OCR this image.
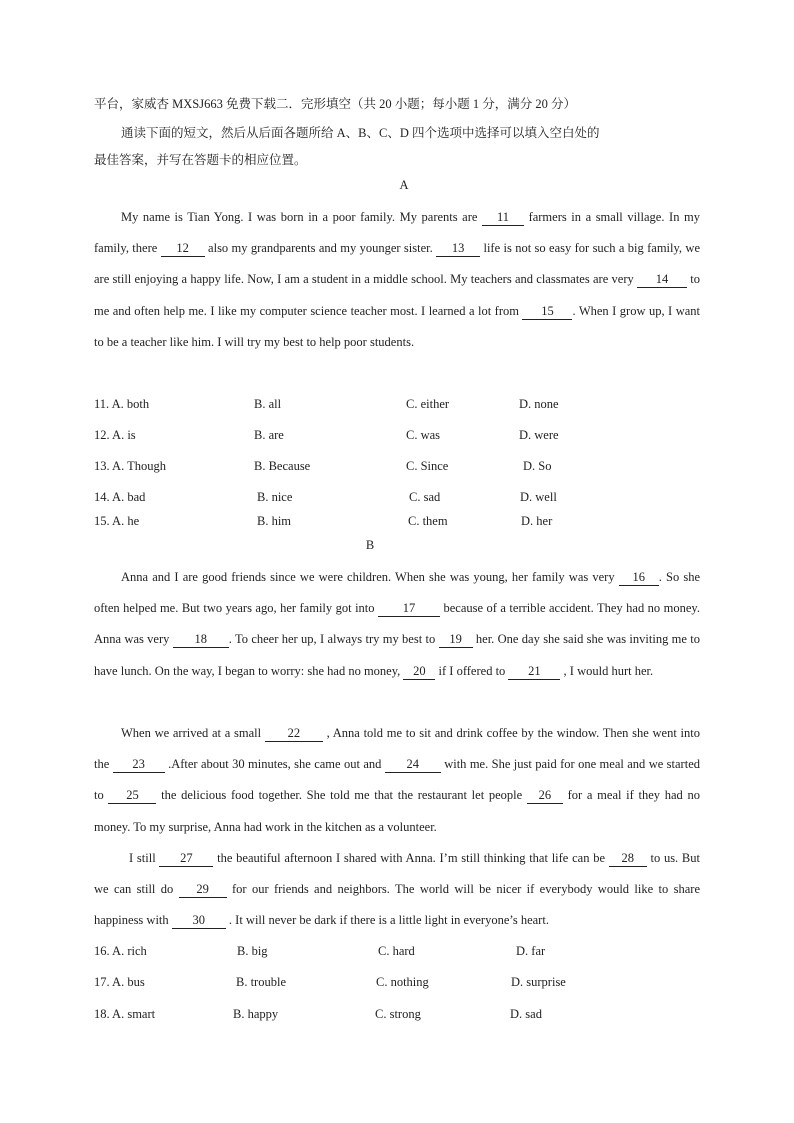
平台，家威杏 MXSJ663 免费下载二．完形填空（共 20 小题；每小题 1 分，满分 20 分）
通读下面的短文，然后从后面各题所给 A、B、C、D 四个选项中选择可以填入空白处的
最佳答案，并写在答题卡的相应位置。
A
My name is Tian Yong. I was born in a poor family. My parents are 11 farmers in a small village. In my family, there 12 also my grandparents and my younger sister. 13 life is not so easy for such a big family, we are still enjoying a happy life. Now, I am a student in a middle school. My teachers and classmates are very 14 to me and often help me. I like my computer science teacher most. I learned a lot from 15 . When I grow up, I want to be a teacher like him. I will try my best to help poor students.
11. A. both	B. all	C. either	D. none
12. A. is	B. are	C. was	D. were
13. A. Though	B. Because	C. Since	D. So
14. A. bad	B. nice	C. sad	D. well
15. A. he	B. him	C. them	D. her
B
Anna and I are good friends since we were children. When she was young, her family was very 16 . So she often helped me. But two years ago, her family got into 17 because of a terrible accident. They had no money. Anna was very 18 . To cheer her up, I always try my best to 19 her. One day she said she was inviting me to have lunch. On the way, I began to worry: she had no money, 20 if I offered to 21 , I would hurt her.
When we arrived at a small 22 , Anna told me to sit and drink coffee by the window. Then she went into the 23 .After about 30 minutes, she came out and 24 with me. She just paid for one meal and we started to 25 the delicious food together. She told me that the restaurant let people 26 for a meal if they had no money. To my surprise, Anna had work in the kitchen as a volunteer.
I still 27 the beautiful afternoon I shared with Anna. I’m still thinking that life can be 28 to us. But we can still do 29 for our friends and neighbors. The world will be nicer if everybody would like to share happiness with 30 . It will never be dark if there is a little light in everyone’s heart.
16. A. rich	B. big	C. hard	D. far
17. A. bus	B. trouble	C. nothing	D. surprise
18. A. smart	B. happy	C. strong	D. sad
